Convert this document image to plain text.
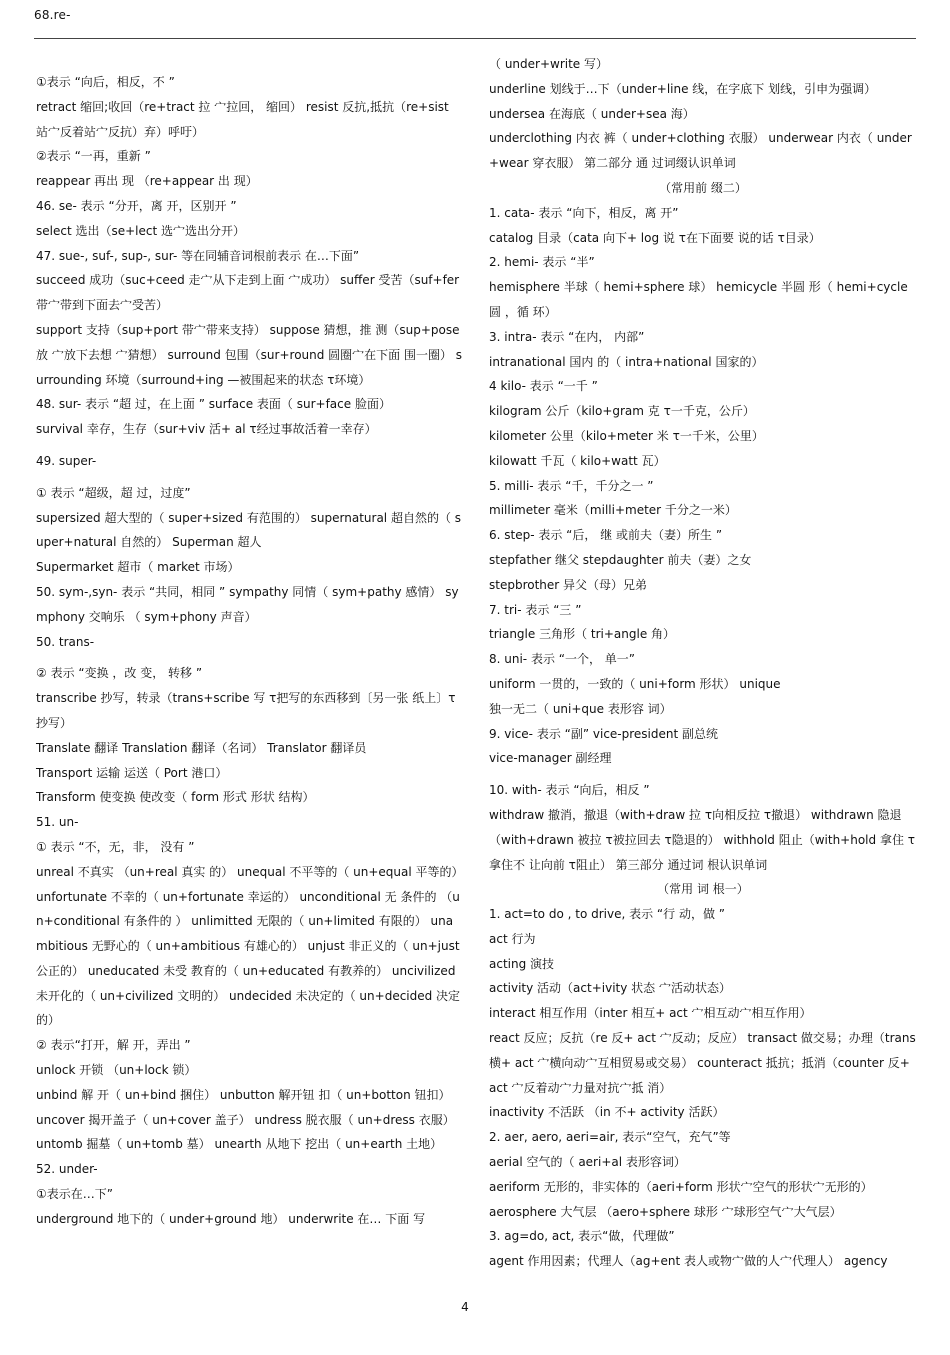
68.re-
①表示 “向后，相反，不 ”
retract 缩回;收回（re+tract 拉 宀拉回， 缩回） resist 反抗,抵抗（re+sist 站宀反着站宀反抗）弃）呼吁）
②表示 “一再，重新 ”
reappear 再出 现 （re+appear 出 现）
46. se- 表示 “分开，离 开，区别开 ”
select 选出（se+lect 选宀选出分开）
47. sue-, suf-, sup-, sur- 等在同辅音词根前表示 在…下面”
succeed 成功（suc+ceed 走宀从下走到上面 宀成功） suffer 受苦（suf+fer 带宀带到下面去宀受苦）
support 支持（sup+port 带宀带来支持） suppose 猜想，推 测（sup+pose 放 宀放下去想 宀猜想） surround 包围（sur+round 圆圈宀在下面 围一圈） surrounding 环境（surround+ing —被围起来的状态 τ环境）
48. sur- 表示 “超 过，在上面 ” surface 表面（ sur+face 脸面）
survival 幸存，生存（sur+viv 活+ al τ经过事故活着一幸存）
49. super-
① 表示 “超级，超 过，过度”
supersized 超大型的（ super+sized 有范围的） supernatural 超自然的（ super+natural 自然的） Superman 超人
Supermarket 超市（ market 市场）
50. sym-,syn- 表示 “共同，相同 ” sympathy 同情（ sym+pathy 感情） symphony 交响乐 （ sym+phony 声音）
50. trans-
② 表示 “变换 ，改 变， 转移 ”
transcribe 抄写，转录（trans+scribe 写 τ把写的东西移到〔另一张 纸上〕τ抄写）
Translate 翻译 Translation 翻译（名词） Translator 翻译员
Transport 运输 运送（ Port 港口）
Transform 使变换 使改变（ form 形式 形状 结构）
51. un-
① 表示 “不，无，非， 没有 ”
unreal 不真实 （un+real 真实 的） unequal 不平等的（ un+equal 平等的） unfortunate 不幸的（ un+fortunate 幸运的） unconditional 无 条件的 （un+conditional 有条件的 ） unlimitted 无限的（ un+limited 有限的） unambitious 无野心的（ un+ambitious 有雄心的） unjust 非正义的（ un+just 公正的） uneducated 未受 教育的（ un+educated 有教养的） uncivilized 未开化的（ un+civilized 文明的） undecided 未决定的（ un+decided 决定的）
② 表示“打开，解 开，弄出 ”
unlock 开锁 （un+lock 锁）
unbind 解 开（ un+bind 捆住） unbutton 解开钮 扣（ un+botton 钮扣）
uncover 揭开盖子（ un+cover 盖子） undress 脱衣服（ un+dress 衣服） untomb 掘墓（ un+tomb 墓） unearth 从地下 挖出（ un+earth 土地）
52. under-
①表示在…下”
underground 地下的（ under+ground 地） underwrite 在… 下面 写
（ under+write 写）
underline 划线于…下（under+line 线，在字底下 划线，引申为强调）
undersea 在海底（ under+sea 海）
underclothing 内衣 裤（ under+clothing 衣服） underwear 内衣（ under+wear 穿衣服） 第二部分 通 过词缀认识单词
（常用前 缀二）
1. cata- 表示 “向下，相反，离 开”
catalog 目录（cata 向下+ log 说 τ在下面要 说的话 τ目录）
2. hemi- 表示 “半”
hemisphere 半球（ hemi+sphere 球） hemicycle 半圆 形（ hemi+cycle 圆 ，循 环）
3. intra- 表示 “在内， 内部”
intranational 国内 的（ intra+national 国家的）
4 kilo- 表示 “一千 ”
kilogram 公斤（kilo+gram 克 τ一千克，公斤）
kilometer 公里（kilo+meter 米 τ一千米，公里）
kilowatt 千瓦（ kilo+watt 瓦）
5. milli- 表示 “千，千分之一 ”
millimeter 毫米（milli+meter 千分之一米）
6. step- 表示 “后， 继 或前夫（妻）所生 ”
stepfather 继父 stepdaughter 前夫（妻）之女
stepbrother 异父（母）兄弟
7. tri- 表示 “三 ”
triangle 三角形（ tri+angle 角）
8. uni- 表示 “一个， 单一”
uniform 一贯的，一致的（ uni+form 形状） unique
独一无二（ uni+que 表形容 词）
9. vice- 表示 “副” vice-president 副总统
vice-manager 副经理
10. with- 表示 “向后，相反 ”
withdraw 撤消，撤退（with+draw 拉 τ向相反拉 τ撤退） withdrawn 隐退（with+drawn 被拉 τ被拉回去 τ隐退的） withhold 阻止（with+hold 拿住 τ拿住不 让向前 τ阻止） 第三部分 通过词 根认识单词
（常用 词 根一）
1. act=to do , to drive, 表示 “行 动，做 ”
act 行为
acting 演技
activity 活动（act+ivity 状态 宀活动状态）
interact 相互作用（inter 相互+ act 宀相互动宀相互作用）
react 反应；反抗（re 反+ act 宀反动；反应） transact 做交易；办理（trans 横+ act 宀横向动宀互相贸易或交易） counteract 抵抗；抵消（counter 反+ act 宀反着动宀力量对抗宀抵 消）
inactivity 不活跃 （in 不+ activity 活跃）
2. aer, aero, aeri=air, 表示“空气，充气”等
aerial 空气的（ aeri+al 表形容词）
aeriform 无形的，非实体的（aeri+form 形状宀空气的形状宀无形的）
aerosphere 大气层 （aero+sphere 球形 宀球形空气宀大气层）
3. ag=do, act, 表示“做，代理做”
agent 作用因素；代理人（ag+ent 表人或物宀做的人宀代理人） agency
4
